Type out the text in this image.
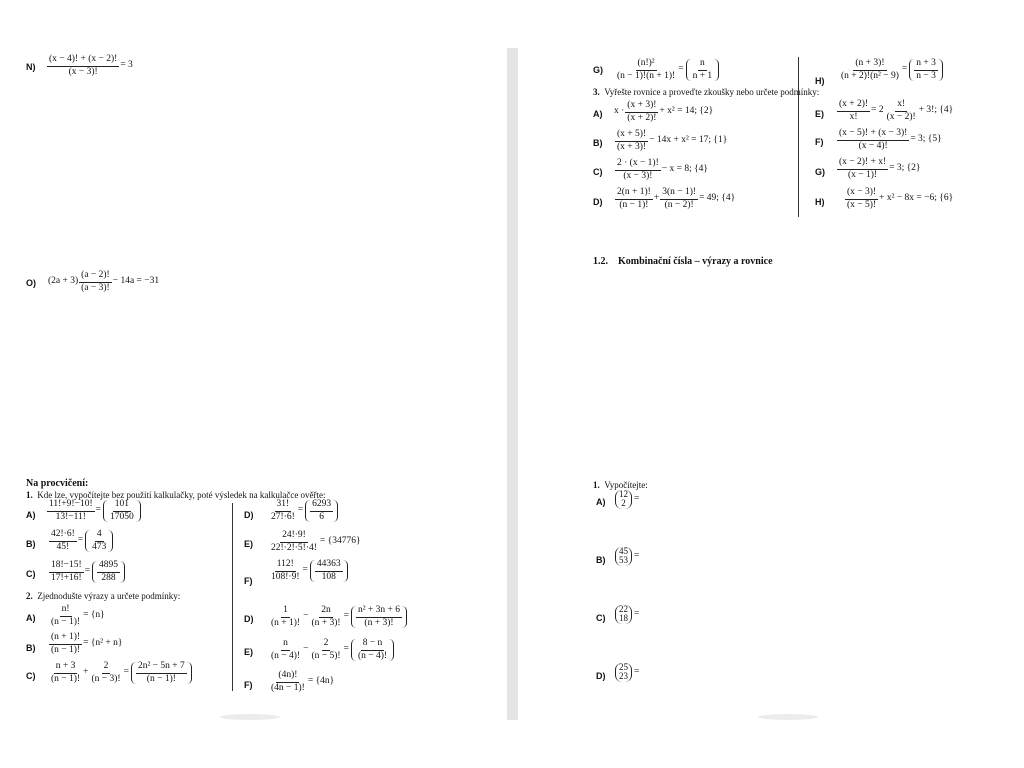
$N) \frac{(x - 4)! + (x - 2)!}{(x - 3)!} = 3$
O) $(2a + 3) \frac{(a - 2)!}{(a - 3)!} - 14a = -31$
Na procvičení:
1. Kde lze, vypočítejte bez použití kalkulačky, poté výsledek na kalkulačce ověřte:
$A) \frac{11!+9!-10!}{13!-11!} = \frac{101}{17050}$
$B) \frac{42!\cdot 6!}{45!} = \frac{4}{473}$
$C) \frac{18!-15!}{17!+16!} = \frac{4895}{288}$
$D) \frac{31!}{27!\cdot 6!} = \frac{6293}{6}$
$E) \frac{24!\cdot 9!}{22!\cdot 2!\cdot 5!\cdot 4!} = \{34776\}$
$F) \frac{112!}{108!\cdot 9!} = \frac{44363}{108}$
2. Zjednodušte výrazy a určete podmínky:
$A) \frac{n!}{(n - 1)!} = \{n\}$
$B) \frac{(n + 1)!}{(n - 1)!} = \{n^2 + n\}$
C)
n + 3
(n − 1)!
+ $\frac{2}{(n - 3)!} = \frac{\text{2n² − 5n + 7}}{(n - 1)!}$
D)
1
(n + 1)!
− $\frac{2n}{(n + 3)!} = \frac{\text{n² + 3n + 6}}{(n + 3)!}$
E)
n
(n − 4)!
− $\frac{2}{(n - 5)!} = \frac{8 - n}{(n - 4)!}$
$F) \frac{(4n)!}{(4n - 1)!} = \{4n\}$
$G) \frac{\text{(n!)²}}{(n - 1)!(n + 1)!} = \frac{n}{n + 1}$	$H) \frac{(n + 3)!}{\text{(n + 2)!(n² − 9)}} = \frac{n + 3}{n - 3}$
3. Vyřešte rovnice a proveďte zkoušky nebo určete podmínky:
A) $x \cdot \frac{(x + 3)!}{(x + 2)!} + x^2 = 14$; {2}
$B) \frac{(x + 5)!}{(x + 3)!} - 14x + x^2 = 17$; {1}
$C) \frac{2 \cdot (x - 1)!}{(x - 3)!} - x = 8$; {4}
D)
2(n + 1)!
(n − 1)!
+ $\frac{3(n - 1)!}{(n - 2)!} = 49$; {4}
$E) \frac{(x + 2)!}{x!} = 2$
x!
(x − 2)!
+ 3!; {4}
$F) \frac{(x - 5)! + (x - 3)!}{(x - 4)!} = 3$; {5}
$G) \frac{(x - 2)! + x!}{(x - 1)!} = 3$; {2}
$H) \frac{(x - 3)!}{(x - 5)!} + x^2 - 8x = -6$; {6}
1.2. Kombinační čísla – výrazy a rovnice
1. Vypočítejte:
A)
12
2 =
B)
45
53 =
C)
22
18 =
D)
25
23 =
